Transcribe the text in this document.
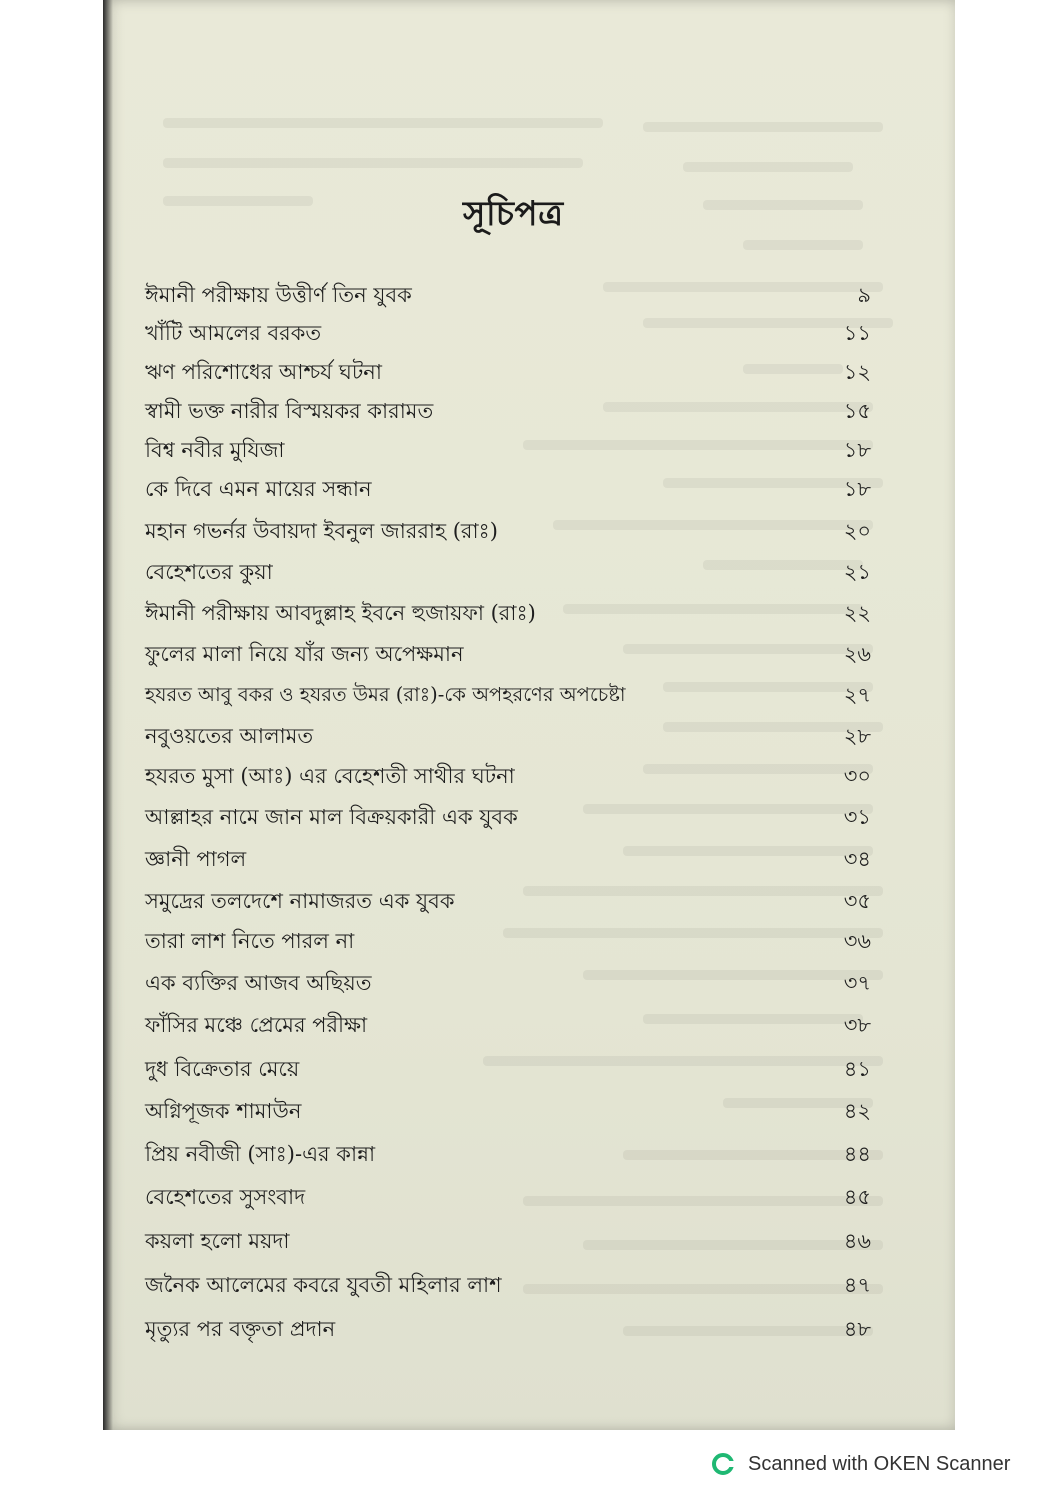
সূচিপত্র
ঈমানী পরীক্ষায় উত্তীর্ণ তিন যুবক	৯
খাঁটি আমলের বরকত	১১
ঋণ পরিশোধের আশ্চর্য ঘটনা	১২
স্বামী ভক্ত নারীর বিস্ময়কর কারামত	১৫
বিশ্ব নবীর মুযিজা	১৮
কে দিবে এমন মায়ের সন্ধান	১৮
মহান গভর্নর উবায়দা ইবনুল জাররাহ (রাঃ)	২০
বেহেশতের কুয়া	২১
ঈমানী পরীক্ষায় আবদুল্লাহ ইবনে হুজায়ফা (রাঃ)	২২
ফুলের মালা নিয়ে যাঁর জন্য অপেক্ষমান	২৬
হযরত আবু বকর ও হযরত উমর (রাঃ)-কে অপহরণের অপচেষ্টা	২৭
নবুওয়তের আলামত	২৮
হযরত মুসা (আঃ) এর বেহেশতী সাথীর ঘটনা	৩০
আল্লাহর নামে জান মাল বিক্রয়কারী এক যুবক	৩১
জ্ঞানী পাগল	৩৪
সমুদ্রের তলদেশে নামাজরত এক যুবক	৩৫
তারা লাশ নিতে পারল না	৩৬
এক ব্যক্তির আজব অছিয়ত	৩৭
ফাঁসির মঞ্চে প্রেমের পরীক্ষা	৩৮
দুধ বিক্রেতার মেয়ে	৪১
অগ্নিপূজক শামাউন	৪২
প্রিয় নবীজী (সাঃ)-এর কান্না	৪৪
বেহেশতের সুসংবাদ	৪৫
কয়লা হলো ময়দা	৪৬
জনৈক আলেমের কবরে যুবতী মহিলার লাশ	৪৭
মৃত্যুর পর বক্তৃতা প্রদান	৪৮
Scanned with OKEN Scanner
